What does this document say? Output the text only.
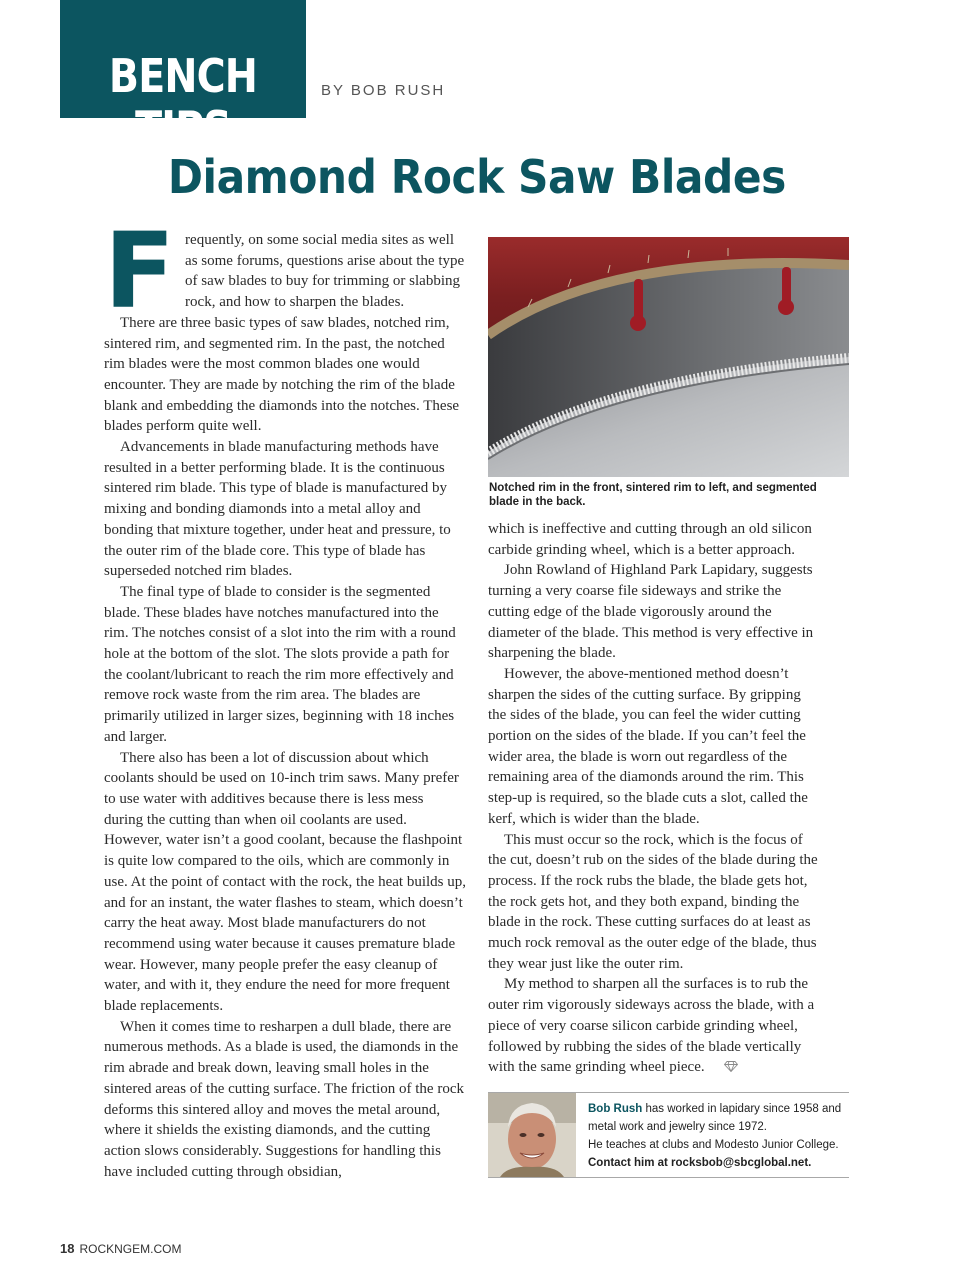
BENCH TIPS
BY BOB RUSH
Diamond Rock Saw Blades

Frequently, on some social media sites as well as some forums, questions arise about the type of saw blades to buy for trimming or slabbing rock, and how to sharpen the blades.

There are three basic types of saw blades, notched rim, sintered rim, and segmented rim. In the past, the notched rim blades were the most common blades one would encounter. They are made by notching the rim of the blade blank and embedding the diamonds into the notches. These blades perform quite well.

Advancements in blade manufacturing methods have resulted in a better performing blade. It is the continuous sintered rim blade. This type of blade is manufactured by mixing and bonding diamonds into a metal alloy and bonding that mixture together, under heat and pressure, to the outer rim of the blade core. This type of blade has superseded notched rim blades.

The final type of blade to consider is the segmented blade. These blades have notches manufactured into the rim. The notches consist of a slot into the rim with a round hole at the bottom of the slot. The slots provide a path for the coolant/lubricant to reach the rim more effectively and remove rock waste from the rim area. The blades are primarily utilized in larger sizes, beginning with 18 inches and larger.

There also has been a lot of discussion about which coolants should be used on 10-inch trim saws. Many prefer to use water with additives because there is less mess during the cutting than when oil coolants are used. However, water isn’t a good coolant, because the flashpoint is quite low compared to the oils, which are commonly in use. At the point of contact with the rock, the heat builds up, and for an instant, the water flashes to steam, which doesn’t carry the heat away. Most blade manufacturers do not recommend using water because it causes premature blade wear. However, many people prefer the easy cleanup of water, and with it, they endure the need for more frequent blade replacements.

When it comes time to resharpen a dull blade, there are numerous methods. As a blade is used, the diamonds in the rim abrade and break down, leaving small holes in the sintered areas of the cutting surface. The friction of the rock deforms this sintered alloy and moves the metal around, where it shields the existing diamonds, and the cutting action slows considerably. Suggestions for handling this have included cutting through obsidian,

Notched rim in the front, sintered rim to left, and segmented blade in the back.

which is ineffective and cutting through an old silicon carbide grinding wheel, which is a better approach.

John Rowland of Highland Park Lapidary, suggests turning a very coarse file sideways and strike the cutting edge of the blade vigorously around the diameter of the blade. This method is very effective in sharpening the blade.

However, the above-mentioned method doesn’t sharpen the sides of the cutting surface. By gripping the sides of the blade, you can feel the wider cutting portion on the sides of the blade. If you can’t feel the wider area, the blade is worn out regardless of the remaining area of the diamonds around the rim. This step-up is required, so the blade cuts a slot, called the kerf, which is wider than the blade.

This must occur so the rock, which is the focus of the cut, doesn’t rub on the sides of the blade during the process. If the rock rubs the blade, the blade gets hot, the rock gets hot, and they both expand, binding the blade in the rock. These cutting surfaces do at least as much rock removal as the outer edge of the blade, thus they wear just like the outer rim.

My method to sharpen all the surfaces is to rub the outer rim vigorously sideways across the blade, with a piece of very coarse silicon carbide grinding wheel, followed by rubbing the sides of the blade vertically with the same grinding wheel piece.

Bob Rush has worked in lapidary since 1958 and metal work and jewelry since 1972.
He teaches at clubs and Modesto Junior College.
Contact him at rocksbob@sbcglobal.net.
18 ROCKNGEM.COM
